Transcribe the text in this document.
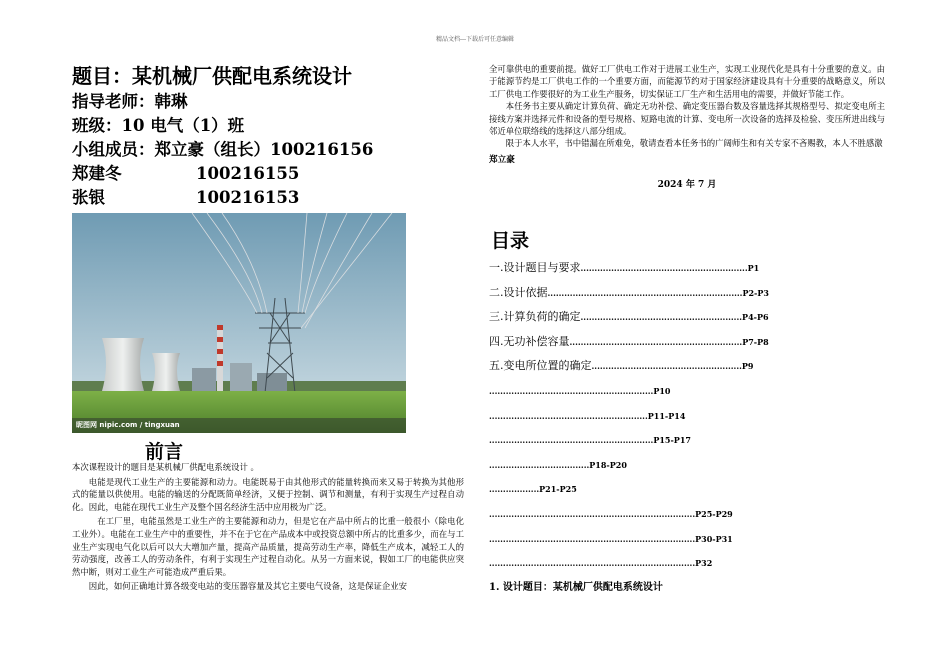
精品文档---下载后可任意编辑
题目：某机械厂供配电系统设计
指导老师：韩琳
班级：10 电气（1）班
小组成员：郑立豪（组长）100216156
郑建冬	100216155
张银	100216153
昵图网 nipic.com / tingxuan
前言

本次课程设计的题目是某机械厂供配电系统设计 。

电能是现代工业生产的主要能源和动力。电能既易于由其他形式的能量转换而来又易于转换为其他形式的能量以供使用。电能的输送的分配既简单经济，又便于控制、调节和测量，有利于实现生产过程自动化。因此，电能在现代工业生产及整个国名经济生活中应用极为广泛。

在工厂里，电能虽然是工业生产的主要能源和动力，但是它在产品中所占的比重一般很小（除电化工业外）。电能在工业生产中的重要性，并不在于它在产品成本中或投资总额中所占的比重多少，而在与工业生产实现电气化以后可以大大增加产量，提高产品质量，提高劳动生产率，降低生产成本，减轻工人的劳动强度，改善工人的劳动条件，有利于实现生产过程自动化。从另一方面来说，假如工厂的电能供应突然中断，则对工业生产可能造成严重后果。

因此，如何正确地计算各级变电站的变压器容量及其它主要电气设备，这是保证企业安

全可靠供电的重要前提。做好工厂供电工作对于进展工业生产，实现工业现代化是具有十分重要的意义。由于能源节约是工厂供电工作的一个重要方面，而能源节约对于国家经济建设具有十分重要的战略意义，所以工厂供电工作要很好的为工业生产服务，切实保证工厂生产和生活用电的需要，并做好节能工作。

本任务书主要从确定计算负荷、确定无功补偿、确定变压器台数及容量选择其规格型号、拟定变电所主接线方案并选择元件和设备的型号规格、短路电流的计算、变电所一次设备的选择及检验、变压所进出线与邻近单位联络线的选择这八部分组成。

限于本人水平，书中错漏在所难免，敬请查看本任务书的广阔师生和有关专家不吝赐教，本人不胜感激

郑立豪
2024 年 7 月
目录
一.设计题目与要求............................................................P1
二.设计依据......................................................................P2-P3
三.计算负荷的确定..........................................................P4-P6
四.无功补偿容量..............................................................P7-P8
五.变电所位置的确定......................................................P9
...........................................................P10
.........................................................P11-P14
...........................................................P15-P17
....................................P18-P20
..................P21-P25
..........................................................................P25-P29
..........................................................................P30-P31
..........................................................................P32
1. 设计题目：某机械厂供配电系统设计
